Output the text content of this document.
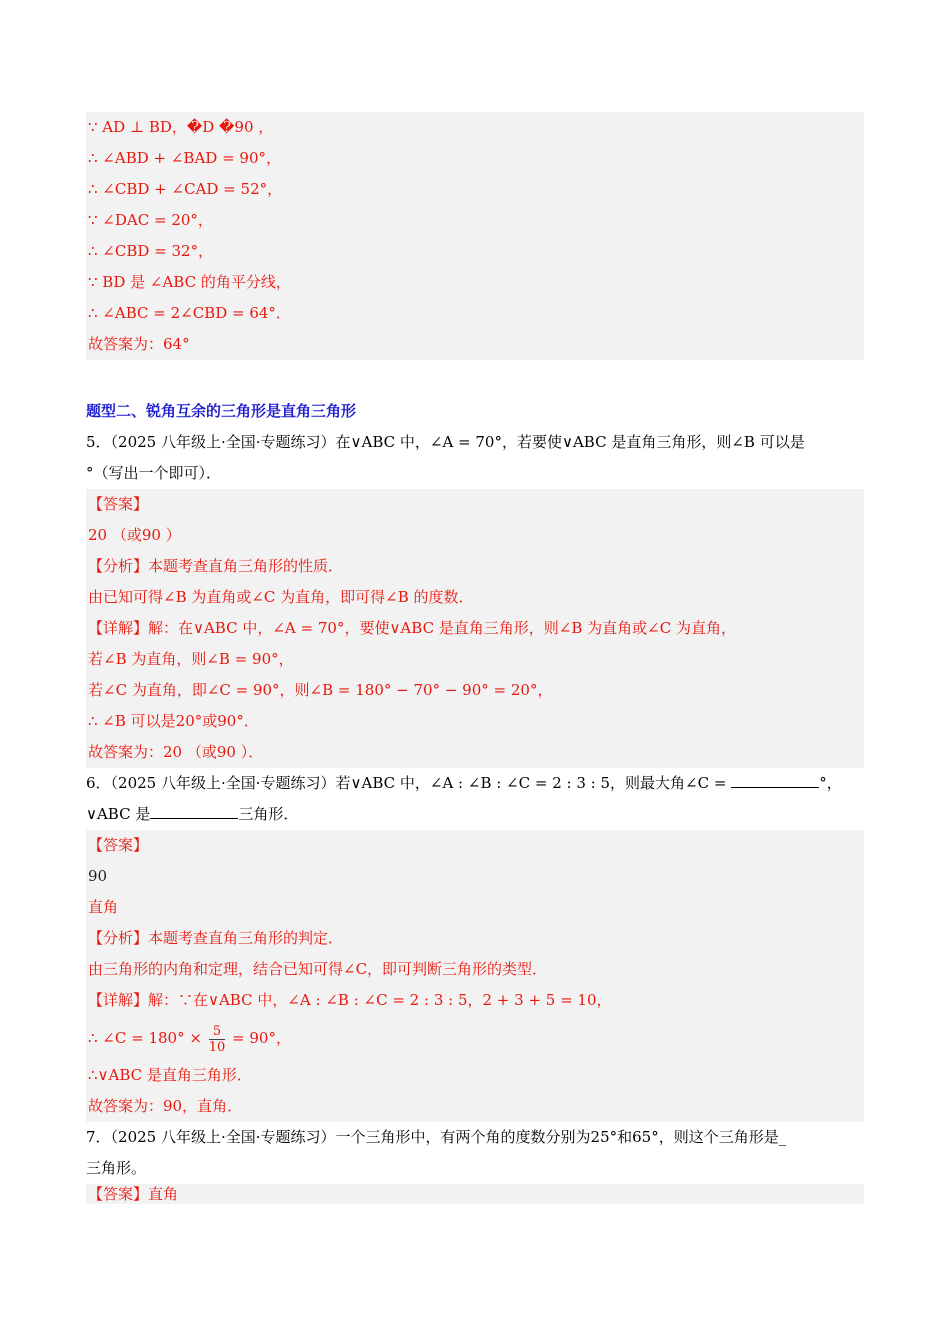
∵ AD ⊥ BD，�D �90 ，
∴ ∠ABD + ∠BAD = 90°，
∴ ∠CBD + ∠CAD = 52°，
∵ ∠DAC = 20°，
∴ ∠CBD = 32°，
∵ BD 是 ∠ABC 的角平分线，
∴ ∠ABC = 2∠CBD = 64°．
故答案为：64°
题型二、锐角互余的三角形是直角三角形
5．（2025 八年级上·全国·专题练习）在∨ABC 中，∠A = 70°，若要使∨ABC 是直角三角形，则∠B 可以是
°（写出一个即可）．
【答案】
20 （或90 ）
【分析】本题考查直角三角形的性质．
由已知可得∠B 为直角或∠C 为直角，即可得∠B 的度数．
【详解】解：在∨ABC 中，∠A = 70°，要使∨ABC 是直角三角形，则∠B 为直角或∠C 为直角，
若∠B 为直角，则∠B = 90°，
若∠C 为直角，即∠C = 90°，则∠B = 180° − 70° − 90° = 20°，
∴ ∠B 可以是20°或90°．
故答案为：20 （或90 ）．
6．（2025 八年级上·全国·专题练习）若∨ABC 中，∠A : ∠B : ∠C = 2 : 3 : 5，则最大角∠C =	°，
∨ABC 是	三角形．
【答案】
90
直角
【分析】本题考查直角三角形的判定．
由三角形的内角和定理，结合已知可得∠C，即可判断三角形的类型．
【详解】解：∵在∨ABC 中，∠A : ∠B : ∠C = 2 : 3 : 5，2 + 3 + 5 = 10，
∴ ∠C = $180^\circ \times \frac{5}{10} = 90^\circ$，
∴∨ABC 是直角三角形．
故答案为：90，直角．
7．（2025 八年级上·全国·专题练习）一个三角形中，有两个角的度数分别为25°和65°，则这个三角形是_
三角形。
【答案】直角
